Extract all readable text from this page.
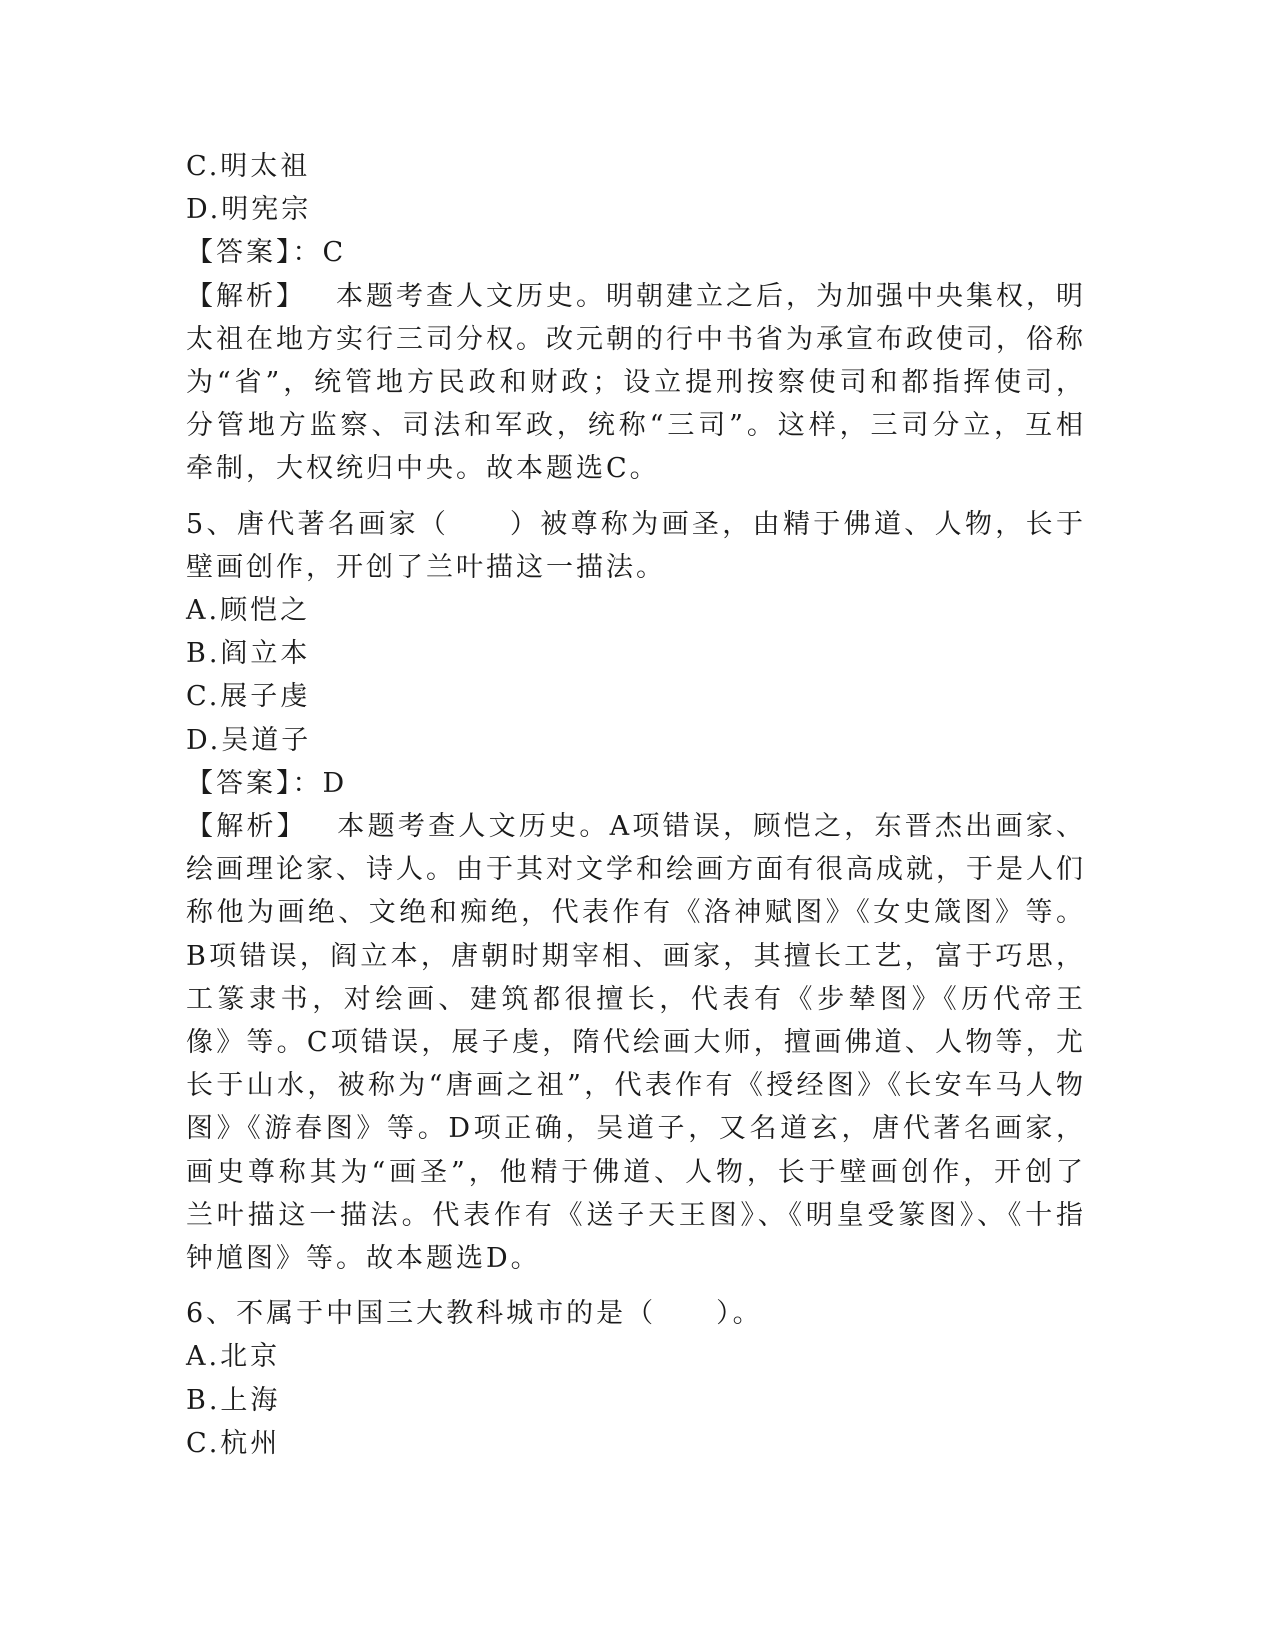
C.明太祖
D.明宪宗
【答案】：C
【解析】 本题考查人文历史。明朝建立之后，为加强中央集权，明太祖在地方实行三司分权。改元朝的行中书省为承宣布政使司，俗称为“省”，统管地方民政和财政；设立提刑按察使司和都指挥使司，分管地方监察、司法和军政，统称“三司”。这样，三司分立，互相牵制，大权统归中央。故本题选C。
5、唐代著名画家（　　）被尊称为画圣，由精于佛道、人物，长于壁画创作，开创了兰叶描这一描法。
A.顾恺之
B.阎立本
C.展子虔
D.吴道子
【答案】：D
【解析】 本题考查人文历史。A项错误，顾恺之，东晋杰出画家、绘画理论家、诗人。由于其对文学和绘画方面有很高成就，于是人们称他为画绝、文绝和痴绝，代表作有《洛神赋图》《女史箴图》等。B项错误，阎立本，唐朝时期宰相、画家，其擅长工艺，富于巧思，工篆隶书，对绘画、建筑都很擅长，代表有《步辇图》《历代帝王像》等。C项错误，展子虔，隋代绘画大师，擅画佛道、人物等，尤长于山水，被称为“唐画之祖”，代表作有《授经图》《长安车马人物图》《游春图》等。D项正确，吴道子，又名道玄，唐代著名画家，画史尊称其为“画圣”，他精于佛道、人物，长于壁画创作，开创了兰叶描这一描法。代表作有《送子天王图》、《明皇受篆图》、《十指钟馗图》等。故本题选D。
6、不属于中国三大教科城市的是（　　）。
A.北京
B.上海
C.杭州
